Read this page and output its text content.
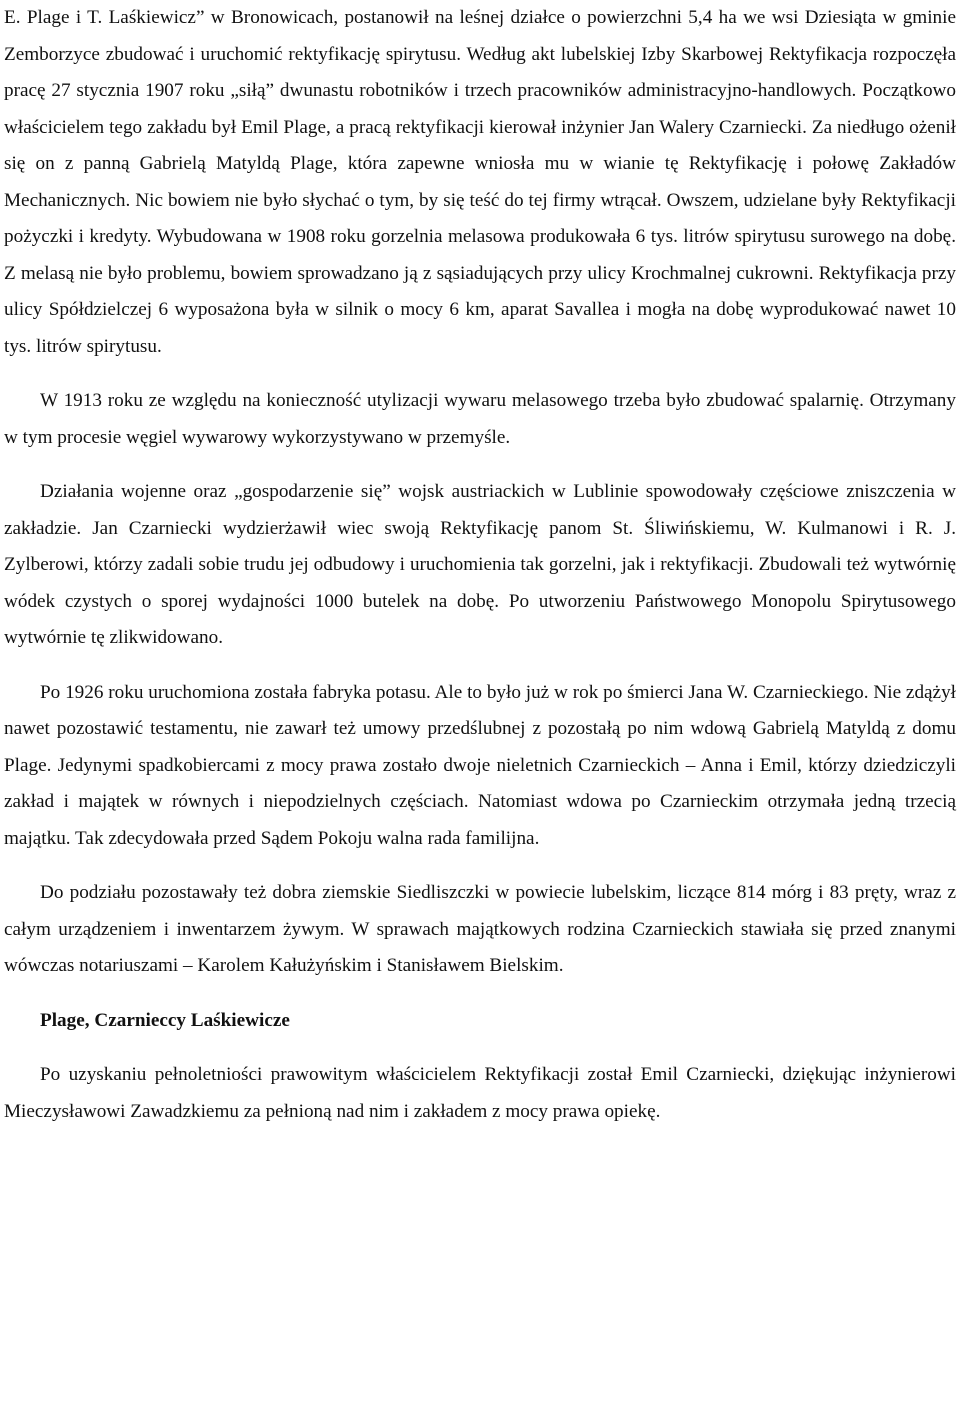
E. Plage i T. Laśkiewicz” w Bronowicach, postanowił na leśnej działce o powierzchni 5,4 ha we wsi Dziesiąta w gminie Zemborzyce zbudować i uruchomić rektyfikację spirytusu. Według akt lubelskiej Izby Skarbowej Rektyfikacja rozpoczęła pracę 27 stycznia 1907 roku „siłą” dwunastu robotników i trzech pracowników administracyjno-handlowych. Początkowo właścicielem tego zakładu był Emil Plage, a pracą rektyfikacji kierował inżynier Jan Walery Czarniecki. Za niedługo ożenił się on z panną Gabrielą Matyldą Plage, która zapewne wniosła mu w wianie tę Rektyfikację i połowę Zakładów Mechanicznych. Nic bowiem nie było słychać o tym, by się teść do tej firmy wtrącał. Owszem, udzielane były Rektyfikacji pożyczki i kredyty. Wybudowana w 1908 roku gorzelnia melasowa produkowała 6 tys. litrów spirytusu surowego na dobę. Z melasą nie było problemu, bowiem sprowadzano ją z sąsiadujących przy ulicy Krochmalnej cukrowni. Rektyfikacja przy ulicy Spółdzielczej 6 wyposażona była w silnik o mocy 6 km, aparat Savallea i mogła na dobę wyprodukować nawet 10 tys. litrów spirytusu.

W 1913 roku ze względu na konieczność utylizacji wywaru melasowego trzeba było zbudować spalarnię. Otrzymany w tym procesie węgiel wywarowy wykorzystywano w przemyśle.

Działania wojenne oraz „gospodarzenie się” wojsk austriackich w Lublinie spowodowały częściowe zniszczenia w zakładzie. Jan Czarniecki wydzierżawił wiec swoją Rektyfikację panom St. Śliwińskiemu, W. Kulmanowi i R. J. Zylberowi, którzy zadali sobie trudu jej odbudowy i uruchomienia tak gorzelni, jak i rektyfikacji. Zbudowali też wytwórnię wódek czystych o sporej wydajności 1000 butelek na dobę. Po utworzeniu Państwowego Monopolu Spirytusowego wytwórnie tę zlikwidowano.

Po 1926 roku uruchomiona została fabryka potasu. Ale to było już w rok po śmierci Jana W. Czarnieckiego. Nie zdążył nawet pozostawić testamentu, nie zawarł też umowy przedślubnej z pozostałą po nim wdową Gabrielą Matyldą z domu Plage. Jedynymi spadkobiercami z mocy prawa zostało dwoje nieletnich Czarnieckich – Anna i Emil, którzy dziedziczyli zakład i majątek w równych i niepodzielnych częściach. Natomiast wdowa po Czarnieckim otrzymała jedną trzecią majątku. Tak zdecydowała przed Sądem Pokoju walna rada familijna.

Do podziału pozostawały też dobra ziemskie Siedliszczki w powiecie lubelskim, liczące 814 mórg i 83 pręty, wraz z całym urządzeniem i inwentarzem żywym. W sprawach majątkowych rodzina Czarnieckich stawiała się przed znanymi wówczas notariuszami – Karolem Kałużyńskim i Stanisławem Bielskim.

Plage, Czarnieccy Laśkiewicze

Po uzyskaniu pełnoletniości prawowitym właścicielem Rektyfikacji został Emil Czarniecki, dziękując inżynierowi Mieczysławowi Zawadzkiemu za pełnioną nad nim i zakładem z mocy prawa opiekę.
